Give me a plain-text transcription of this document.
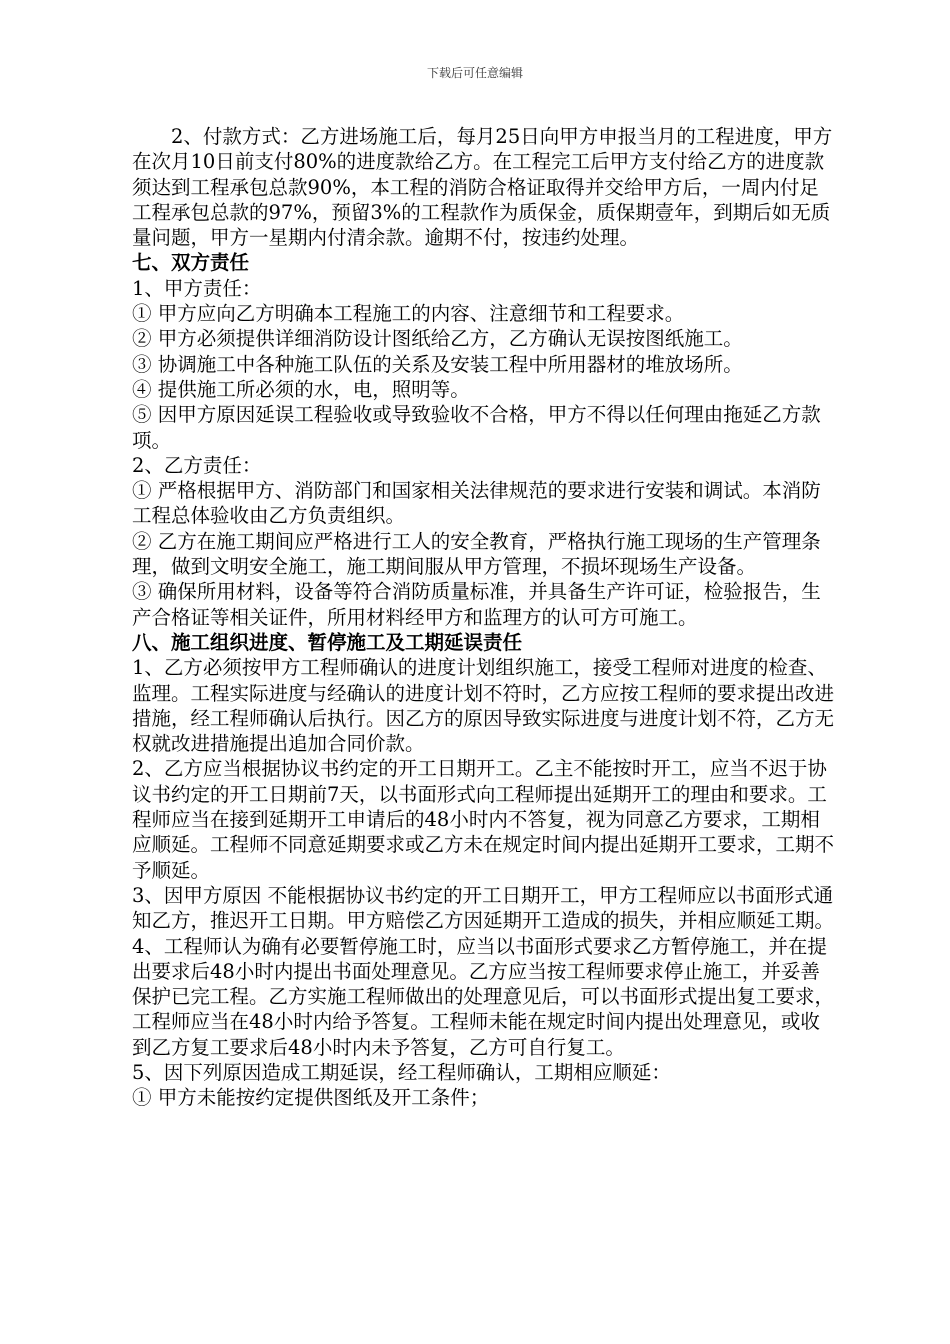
下载后可任意编辑

2、付款方式：乙方进场施工后，每月25日向甲方申报当月的工程进度，甲方在次月10日前支付80%的进度款给乙方。在工程完工后甲方支付给乙方的进度款须达到工程承包总款90%，本工程的消防合格证取得并交给甲方后，一周内付足工程承包总款的97%，预留3%的工程款作为质保金，质保期壹年，到期后如无质量问题，甲方一星期内付清余款。逾期不付，按违约处理。

七、双方责任

1、甲方责任：

① 甲方应向乙方明确本工程施工的内容、注意细节和工程要求。

② 甲方必须提供详细消防设计图纸给乙方，乙方确认无误按图纸施工。

③ 协调施工中各种施工队伍的关系及安装工程中所用器材的堆放场所。

④ 提供施工所必须的水，电，照明等。

⑤ 因甲方原因延误工程验收或导致验收不合格，甲方不得以任何理由拖延乙方款项。

2、乙方责任：

① 严格根据甲方、消防部门和国家相关法律规范的要求进行安装和调试。本消防工程总体验收由乙方负责组织。

② 乙方在施工期间应严格进行工人的安全教育，严格执行施工现场的生产管理条理，做到文明安全施工，施工期间服从甲方管理，不损坏现场生产设备。

③ 确保所用材料，设备等符合消防质量标准，并具备生产许可证，检验报告，生产合格证等相关证件，所用材料经甲方和监理方的认可方可施工。

八、施工组织进度、暂停施工及工期延误责任

1、乙方必须按甲方工程师确认的进度计划组织施工，接受工程师对进度的检查、监理。工程实际进度与经确认的进度计划不符时，乙方应按工程师的要求提出改进措施，经工程师确认后执行。因乙方的原因导致实际进度与进度计划不符，乙方无权就改进措施提出追加合同价款。

2、乙方应当根据协议书约定的开工日期开工。乙主不能按时开工，应当不迟于协议书约定的开工日期前7天，以书面形式向工程师提出延期开工的理由和要求。工程师应当在接到延期开工申请后的48小时内不答复，视为同意乙方要求，工期相应顺延。工程师不同意延期要求或乙方未在规定时间内提出延期开工要求，工期不予顺延。

3、因甲方原因 不能根据协议书约定的开工日期开工，甲方工程师应以书面形式通知乙方，推迟开工日期。甲方赔偿乙方因延期开工造成的损失，并相应顺延工期。

4、工程师认为确有必要暂停施工时，应当以书面形式要求乙方暂停施工，并在提出要求后48小时内提出书面处理意见。乙方应当按工程师要求停止施工，并妥善保护已完工程。乙方实施工程师做出的处理意见后，可以书面形式提出复工要求，工程师应当在48小时内给予答复。工程师未能在规定时间内提出处理意见，或收到乙方复工要求后48小时内未予答复，乙方可自行复工。

5、因下列原因造成工期延误，经工程师确认，工期相应顺延：

① 甲方未能按约定提供图纸及开工条件；
